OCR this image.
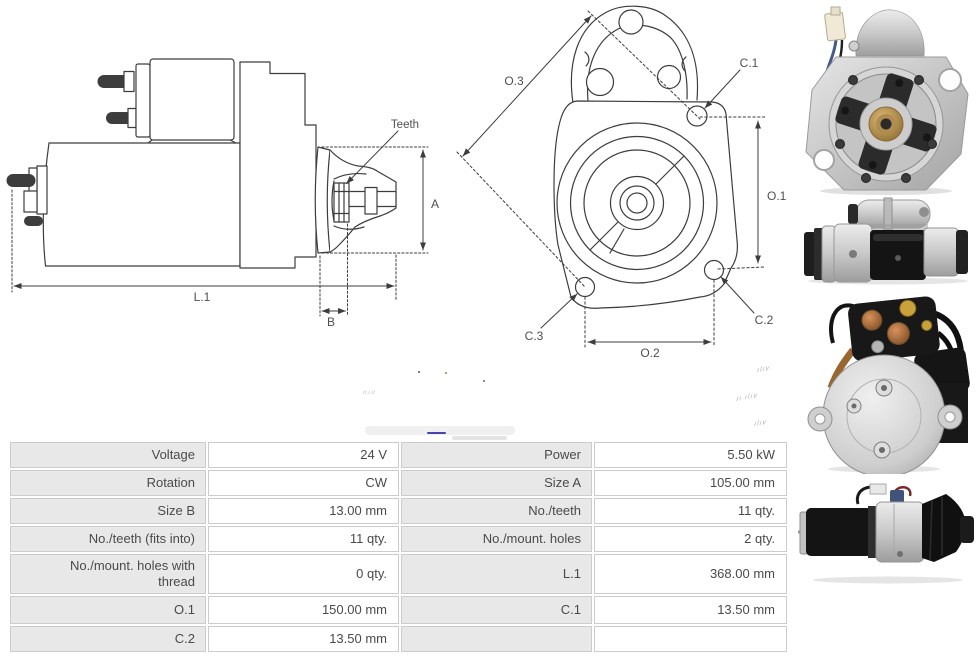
Teeth
A
L.1
B
O.3
C.1
O.1
C.2
C.3
O.2
ılıv
ıı ılıv
ılıv
n.ı.ıl
Voltage	24 V	Power	5.50 kW
Rotation	CW	Size A	105.00 mm
Size B	13.00 mm	No./teeth	11 qty.
No./teeth (fits into)	11 qty.	No./mount. holes	2 qty.
No./mount. holes with thread	0 qty.	L.1	368.00 mm
O.1	150.00 mm	C.1	13.50 mm
C.2	13.50 mm		
